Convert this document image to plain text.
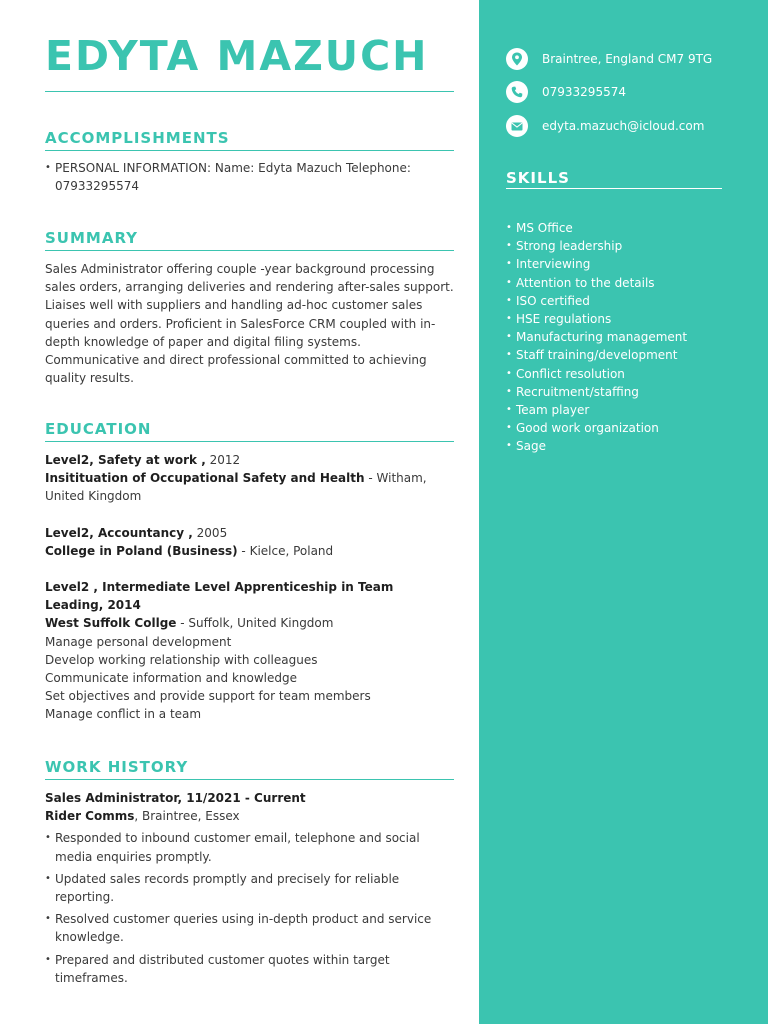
EDYTA MAZUCH	Braintree, England CM7 9TG
07933295574
edyta.mazuch@icloud.com
SKILLS
• MS Office
• Strong leadership
• Interviewing
• Attention to the details
• ISO certified
• HSE regulations
• Manufacturing management
• Staff training/development
• Conflict resolution
• Recruitment/staffing
• Team player
• Good work organization
• Sage
ACCOMPLISHMENTS
• PERSONAL INFORMATION: Name: Edyta Mazuch Telephone: 07933295574
SUMMARY
Sales Administrator offering couple -year background processing sales orders, arranging deliveries and rendering after-sales support. Liaises well with suppliers and handling ad-hoc customer sales queries and orders. Proficient in SalesForce CRM coupled with in-depth knowledge of paper and digital filing systems. Communicative and direct professional committed to achieving quality results.
EDUCATION
Level2, Safety at work , 2012
Insitituation of Occupational Safety and Health - Witham, United Kingdom
Level2, Accountancy , 2005
College in Poland (Business) - Kielce, Poland
Level2 , Intermediate Level Apprenticeship in Team Leading, 2014
West Suffolk Collge - Suffolk, United Kingdom
Manage personal development
Develop working relationship with colleagues
Communicate information and knowledge
Set objectives and provide support for team members
Manage conflict in a team
WORK HISTORY
Sales Administrator, 11/2021 - Current
Rider Comms, Braintree, Essex
• Responded to inbound customer email, telephone and social media enquiries promptly.
• Updated sales records promptly and precisely for reliable reporting.
• Resolved customer queries using in-depth product and service knowledge.
• Prepared and distributed customer quotes within target timeframes.
